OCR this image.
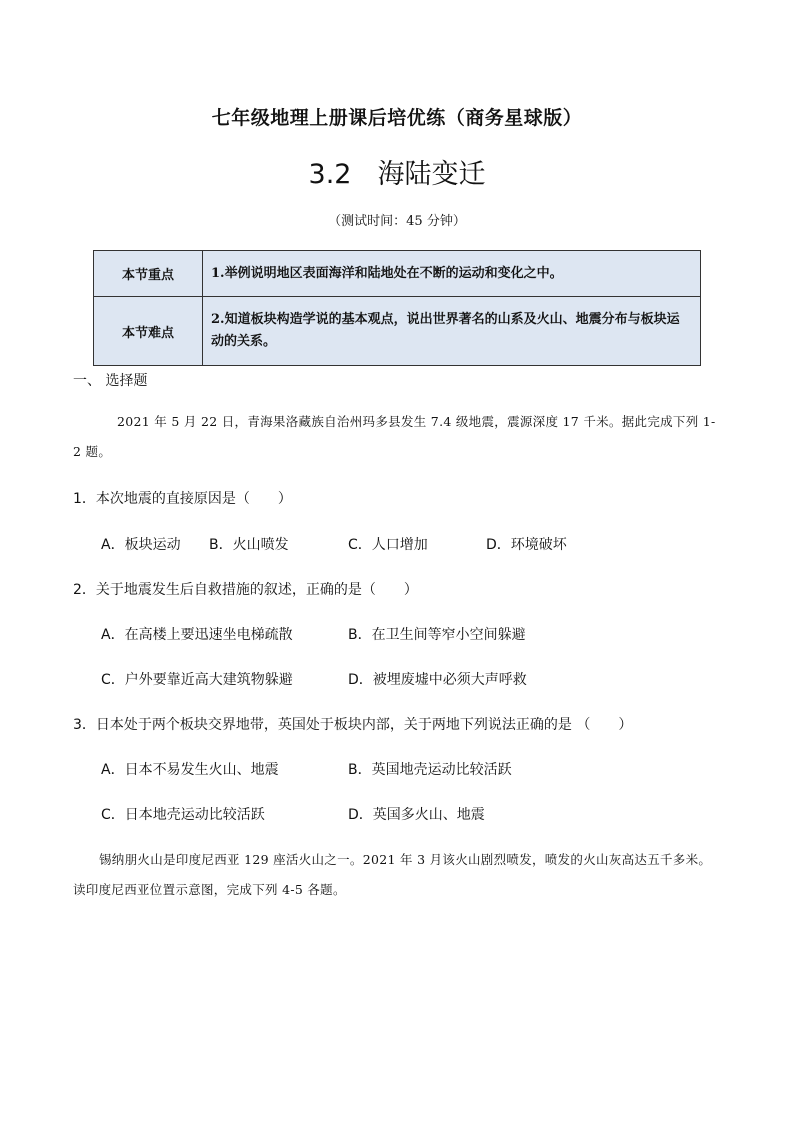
七年级地理上册课后培优练（商务星球版）
3.2 海陆变迁
（测试时间：45 分钟）
本节重点	1.举例说明地区表面海洋和陆地处在不断的运动和变化之中。
本节难点	2.知道板块构造学说的基本观点，说出世界著名的山系及火山、地震分布与板块运动的关系。
一、 选择题
2021 年 5 月 22 日，青海果洛藏族自治州玛多县发生 7.4 级地震，震源深度 17 千米。据此完成下列 1-2 题。
1．本次地震的直接原因是（　　）
A．板块运动 B．火山喷发	C．人口增加	D．环境破坏
2．关于地震发生后自救措施的叙述，正确的是（　　）
A．在高楼上要迅速坐电梯疏散	B．在卫生间等窄小空间躲避
C．户外要靠近高大建筑物躲避	D．被埋废墟中必须大声呼救
3．日本处于两个板块交界地带，英国处于板块内部，关于两地下列说法正确的是 （　　）
A．日本不易发生火山、地震	B．英国地壳运动比较活跃
C．日本地壳运动比较活跃	D．英国多火山、地震
锡纳朋火山是印度尼西亚 129 座活火山之一。2021 年 3 月该火山剧烈喷发，喷发的火山灰高达五千多米。读印度尼西亚位置示意图，完成下列 4-5 各题。
